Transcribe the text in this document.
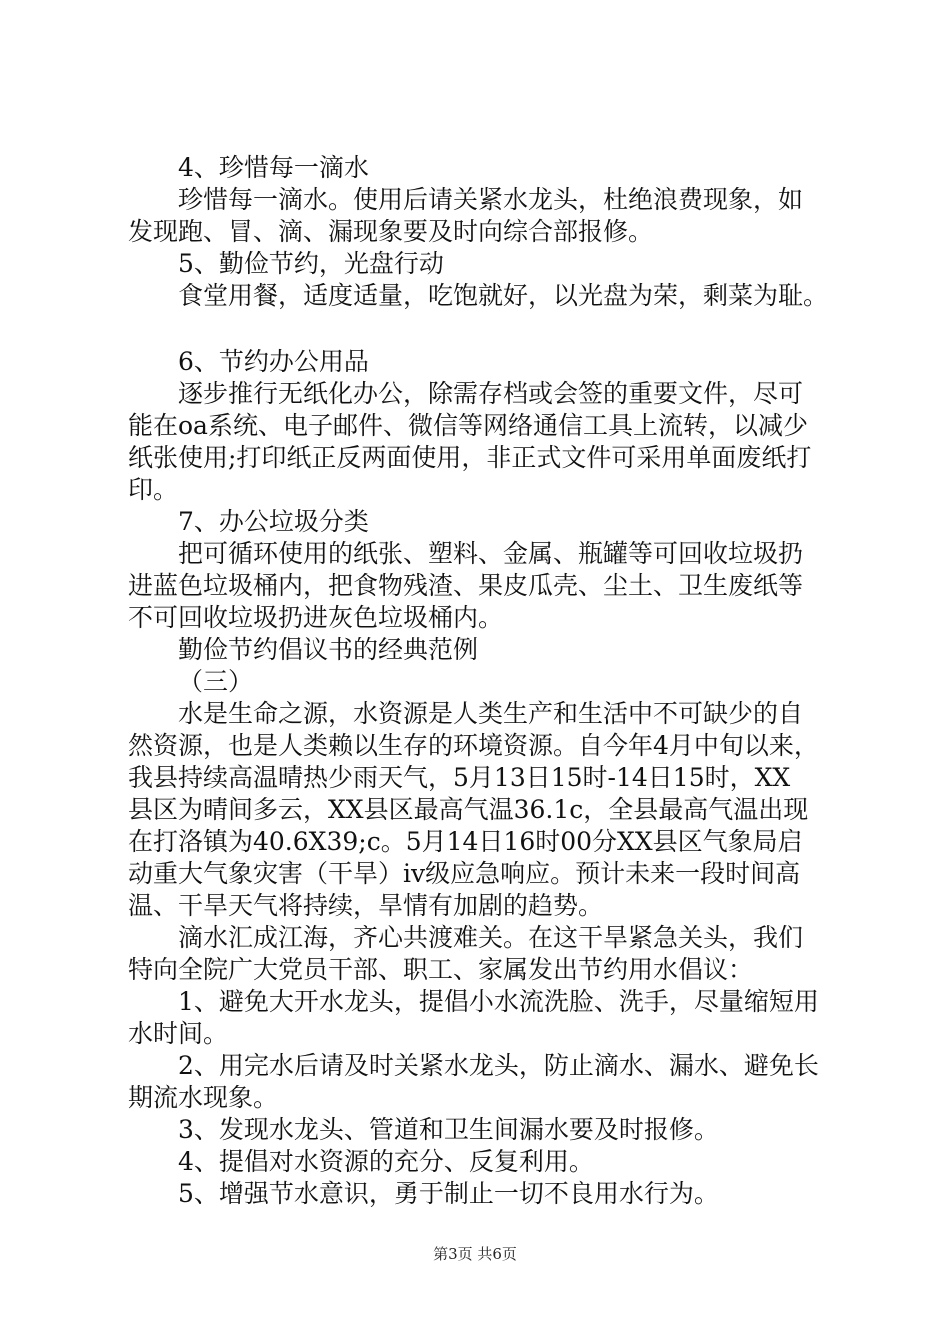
4、珍惜每一滴水
珍惜每一滴水。使用后请关紧水龙头，杜绝浪费现象，如
发现跑、冒、滴、漏现象要及时向综合部报修。
5、勤俭节约，光盘行动
食堂用餐，适度适量，吃饱就好，以光盘为荣，剩菜为耻。
6、节约办公用品
逐步推行无纸化办公，除需存档或会签的重要文件，尽可
能在oa系统、电子邮件、微信等网络通信工具上流转，以减少
纸张使用;打印纸正反两面使用，非正式文件可采用单面废纸打
印。
7、办公垃圾分类
把可循环使用的纸张、塑料、金属、瓶罐等可回收垃圾扔
进蓝色垃圾桶内，把食物残渣、果皮瓜壳、尘土、卫生废纸等
不可回收垃圾扔进灰色垃圾桶内。
勤俭节约倡议书的经典范例
（三）
水是生命之源，水资源是人类生产和生活中不可缺少的自
然资源，也是人类赖以生存的环境资源。自今年4月中旬以来，
我县持续高温晴热少雨天气，5月13日15时-14日15时，XX
县区为晴间多云，XX县区最高气温36.1c，全县最高气温出现
在打洛镇为40.6X39;c。5月14日16时00分XX县区气象局启
动重大气象灾害（干旱）iv级应急响应。预计未来一段时间高
温、干旱天气将持续，旱情有加剧的趋势。
滴水汇成江海，齐心共渡难关。在这干旱紧急关头，我们
特向全院广大党员干部、职工、家属发出节约用水倡议：
1、避免大开水龙头，提倡小水流洗脸、洗手，尽量缩短用
水时间。
2、用完水后请及时关紧水龙头，防止滴水、漏水、避免长
期流水现象。
3、发现水龙头、管道和卫生间漏水要及时报修。
4、提倡对水资源的充分、反复利用。
5、增强节水意识，勇于制止一切不良用水行为。
第3页 共6页
